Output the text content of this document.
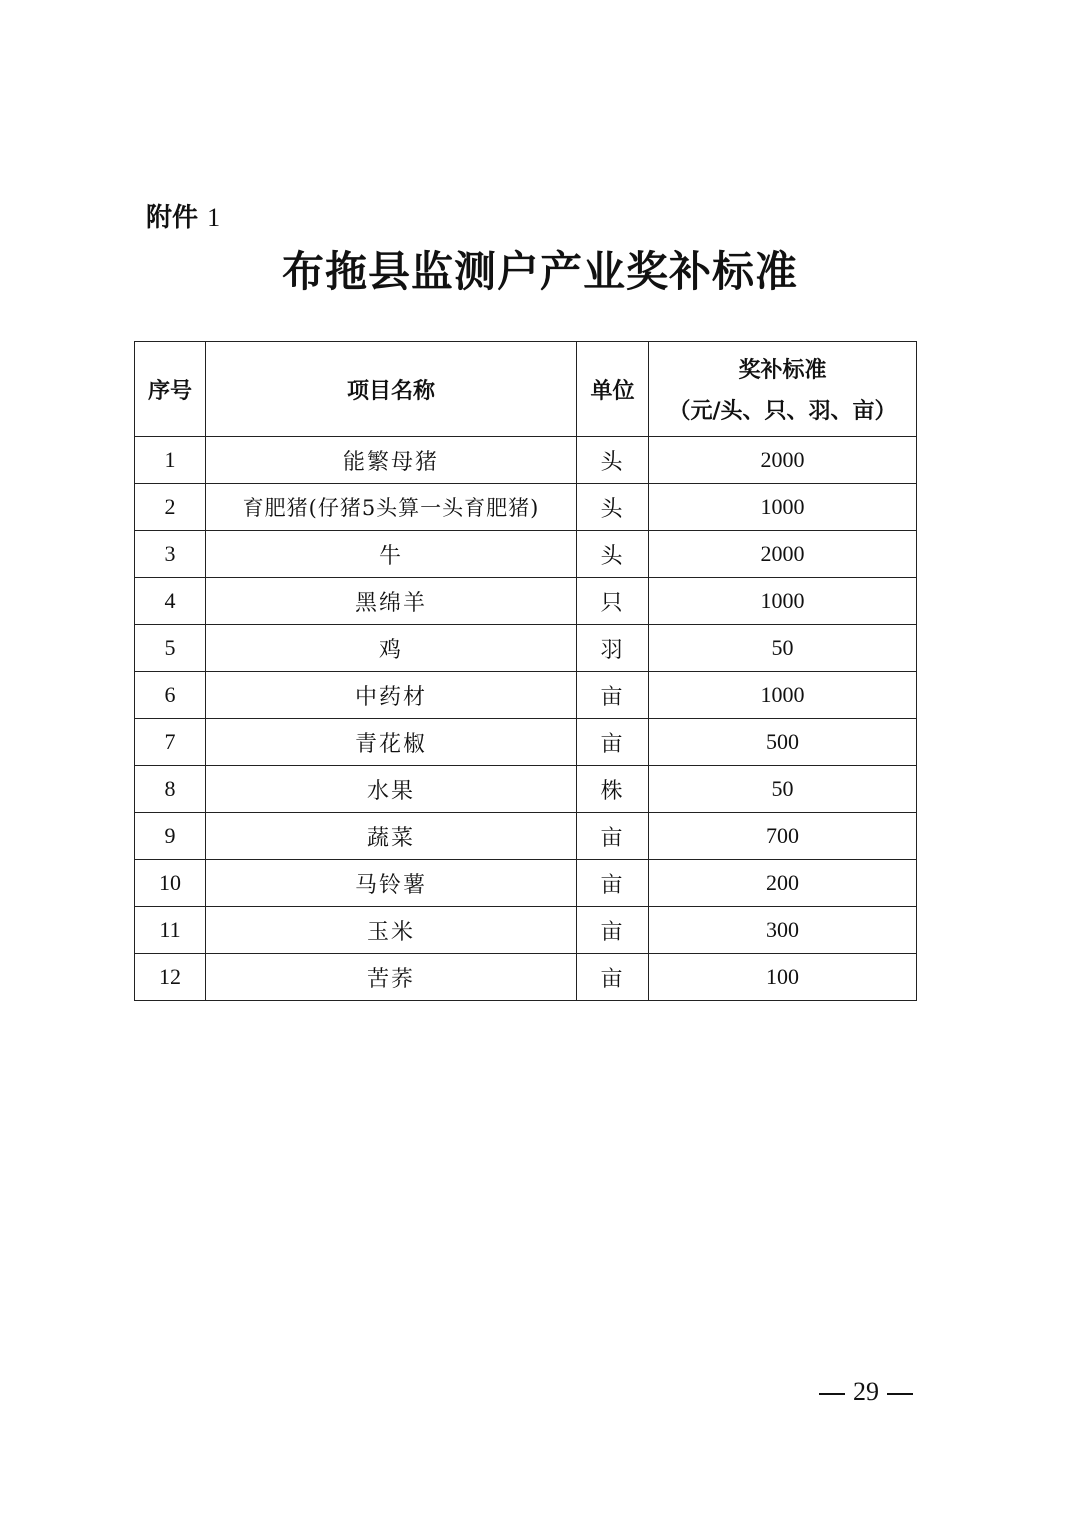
附件 1
布拖县监测户产业奖补标准
序号	项目名称	单位	奖补标准
（元/头、只、羽、亩）

1	能繁母猪	头	2000
2	育肥猪(仔猪5头算一头育肥猪)	头	1000
3	牛	头	2000
4	黑绵羊	只	1000
5	鸡	羽	50
6	中药材	亩	1000
7	青花椒	亩	500
8	水果	株	50
9	蔬菜	亩	700
10	马铃薯	亩	200
11	玉米	亩	300
12	苦荞	亩	100
29
